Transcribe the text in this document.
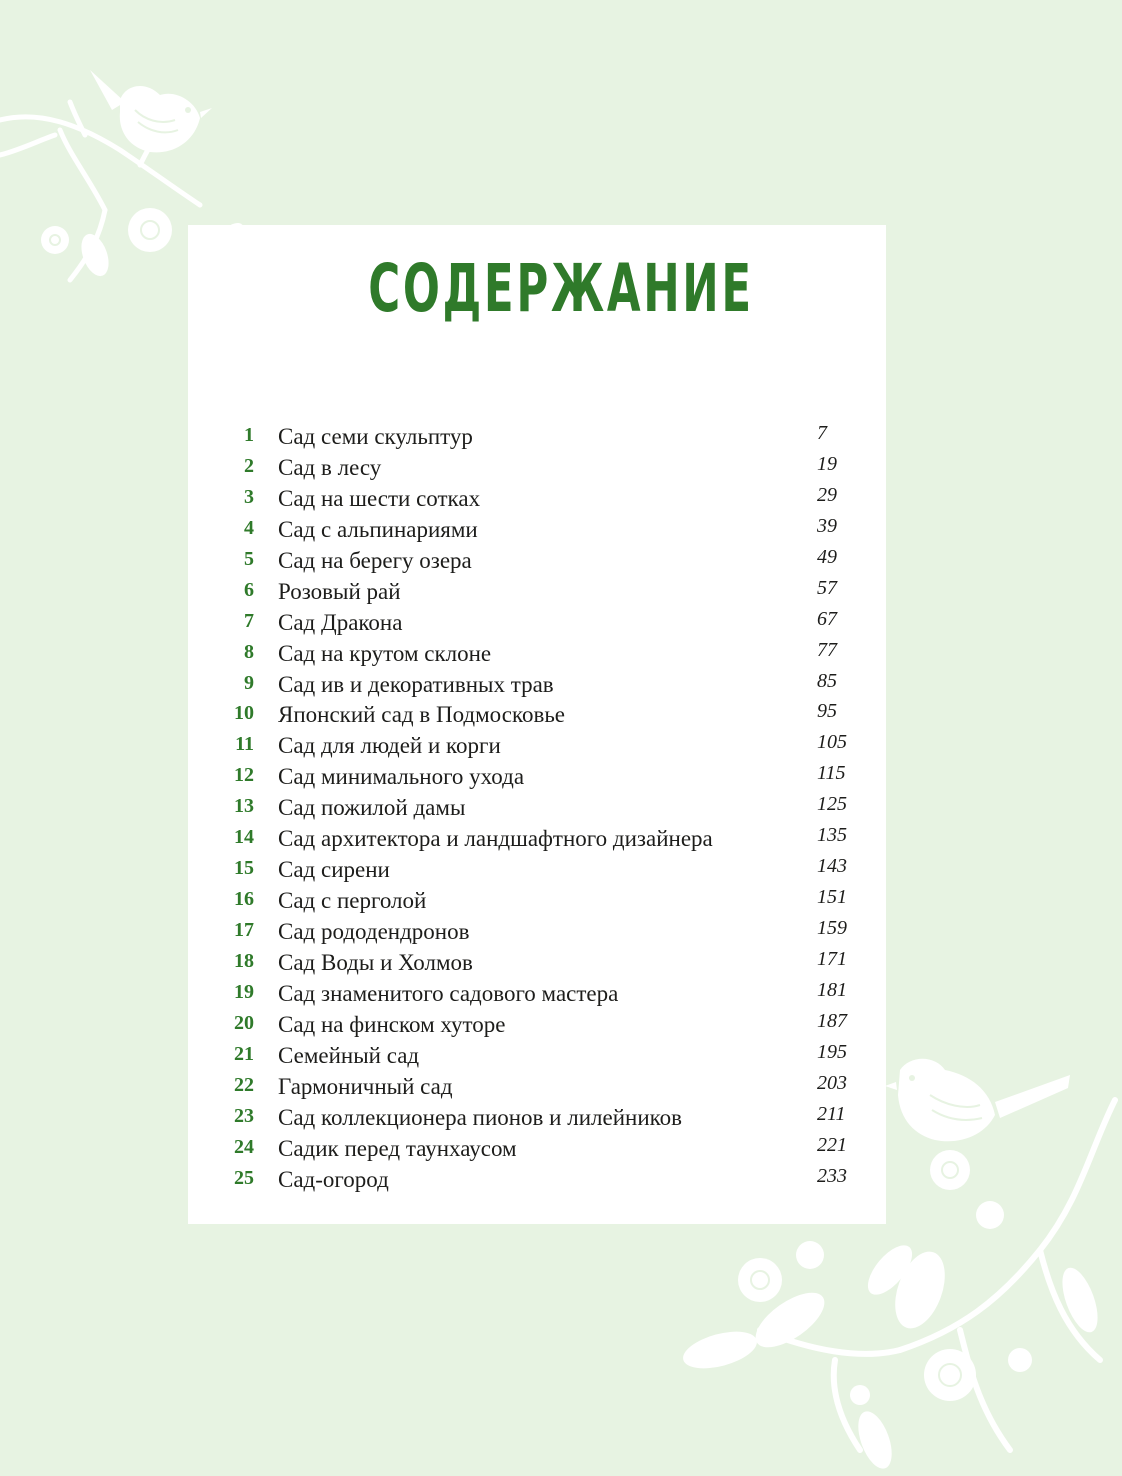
СОДЕРЖАНИЕ
1 Сад семи скульптур	7
2 Сад в лесу	19
3 Сад на шести сотках	29
4 Сад с альпинариями	39
5 Сад на берегу озера	49
6 Розовый рай	57
7 Сад Дракона	67
8 Сад на крутом склоне	77
9 Сад ив и декоративных трав	85
10 Японский сад в Подмосковье	95
11 Сад для людей и корги	105
12 Сад минимального ухода	115
13 Сад пожилой дамы	125
14 Сад архитектора и ландшафтного дизайнера	135
15 Сад сирени	143
16 Сад с перголой	151
17 Сад рододендронов	159
18 Сад Воды и Холмов	171
19 Сад знаменитого садового мастера	181
20 Сад на финском хуторе	187
21 Семейный сад	195
22 Гармоничный сад	203
23 Сад коллекционера пионов и лилейников	211
24 Садик перед таунхаусом	221
25 Сад-огород	233
